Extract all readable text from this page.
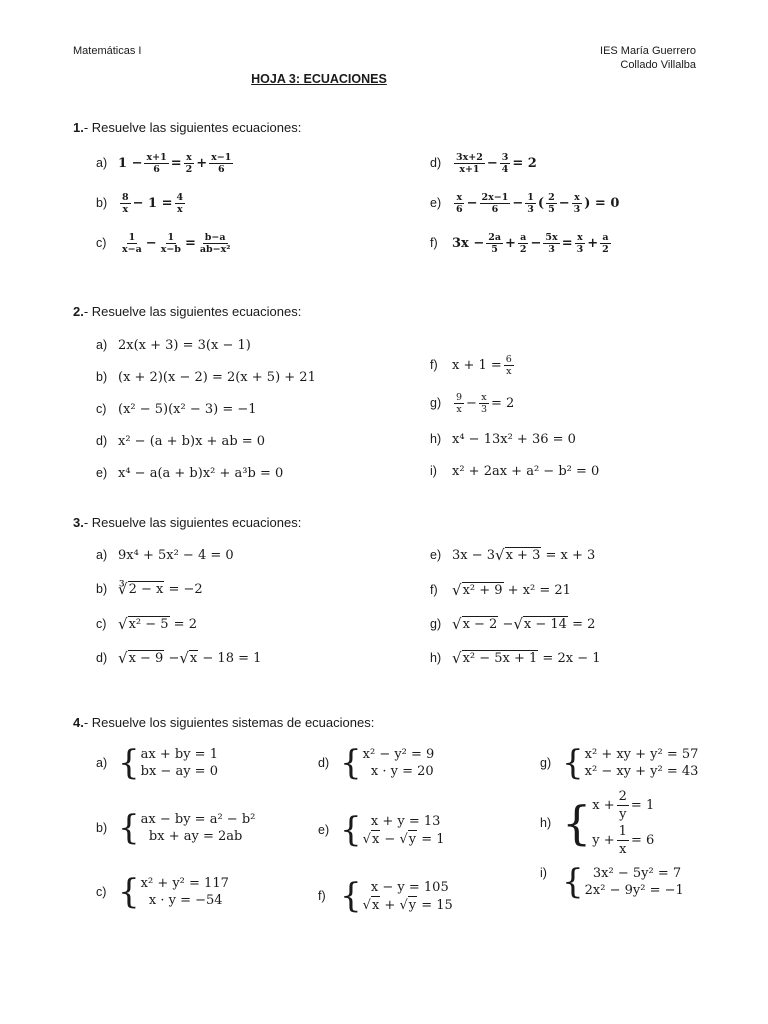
Matemáticas I	IES María Guerrero
Collado Villalba
HOJA 3: ECUACIONES
1.- Resuelve las siguientes ecuaciones:
a) 1 − x+1
6 = x
2 + x−1
6
b)	8
x − 1 = 4
x
c)	1
x−a − 1
x−b = b−a
ab−x²
d)	3x+2
x+1 − 3
4 = 2
e)	x
6 − 2x−1
6 − 1
3 ( 2
5 − x
3 ) = 0
f)	3x − 2a
5 + a
2 − 5x
3 = x
3 + a
2
2.- Resuelve las siguientes ecuaciones:
a) 2x(x + 3) = 3(x − 1)
b) (x + 2)(x − 2) = 2(x + 5) + 21
c) (x² − 5)(x² − 3) = −1
d) x² − (a + b)x + ab = 0
e) x⁴ − a(a + b)x² + a³b = 0
f)	x + 1 = 6
x
g)	9
x − x
3 = 2
h) x⁴ − 13x² + 36 = 0
i)	x² + 2ax + a² − b² = 0
3.- Resuelve las siguientes ecuaciones:
a) 9x⁴ + 5x² − 4 = 0
b) ∛ 2 − x = −2
c) √ x² − 5 = 2
d) √ x − 9 − √ x − 18 = 1
e) 3x − 3 √ x + 3 = x + 3
f) √ x² + 9 + x² = 21
g) √ x − 2 − √ x − 14 = 2
h) √ x² − 5x + 1 = 2x − 1
4.- Resuelve los siguientes sistemas de ecuaciones:
a) { ax + by = 1
bx − ay = 0
b) { ax − by = a² − b²
bx + ay = 2ab
c) { x² + y² = 117
x · y = −54
d) { x² − y² = 9
x · y = 20
e) { x + y = 13
√ x − √ y = 1
f) { x − y = 105
√ x + √ y = 15
g) { x² + xy + y² = 57
x² − xy + y² = 43
h) { $x + \frac{2}{y} = 1$
$y + \frac{1}{x} = 6$
i) { 3x² − 5y² = 7
2x² − 9y² = −1
